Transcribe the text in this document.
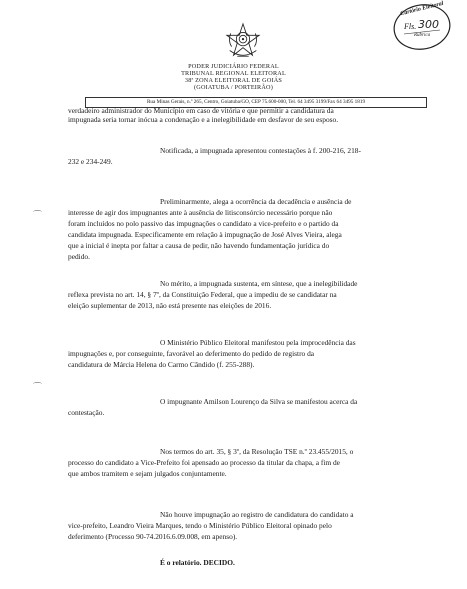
PODER JUDICIÁRIO FEDERAL
TRIBUNAL REGIONAL ELEITORAL
38ª ZONA ELEITORAL DE GOIÁS
(GOIATUBA / PORTEIRÃO)
Cartório Eleitoral
Fls. 300
Rubrica
Rua Minas Gerais, n.º 265, Centro, Goiatuba/GO, CEP 75.600-000, Tel. 64 3495 3199/Fax 64 3495 1819
verdadeiro administrador do Município em caso de vitória e que permitir a candidatura da
impugnada seria tornar inócua a condenação e a inelegibilidade em desfavor de seu esposo.
Notificada, a impugnada apresentou contestações à f. 200-216, 218-
232 e 234-249.
Preliminarmente, alega a ocorrência da decadência e ausência de
interesse de agir dos impugnantes ante à ausência de litisconsórcio necessário porque não
foram incluídos no polo passivo das impugnações o candidato a vice-prefeito e o partido da
candidata impugnada. Especificamente em relação à impugnação de José Alves Vieira, alega
que a inicial é inepta por faltar a causa de pedir, não havendo fundamentação jurídica do
pedido.
No mérito, a impugnada sustenta, em síntese, que a inelegibilidade
reflexa prevista no art. 14, § 7º, da Constituição Federal, que a impediu de se candidatar na
eleição suplementar de 2013, não está presente nas eleições de 2016.
O Ministério Público Eleitoral manifestou pela improcedência das
impugnações e, por conseguinte, favorável ao deferimento do pedido de registro da
candidatura de Márcia Helena do Carmo Cândido (f. 255-288).
O impugnante Amilson Lourenço da Silva se manifestou acerca da
contestação.
Nos termos do art. 35, § 3º, da Resolução TSE n.º 23.455/2015, o
processo do candidato a Vice-Prefeito foi apensado ao processo da titular da chapa, a fim de
que ambos tramitem e sejam julgados conjuntamente.
Não houve impugnação ao registro de candidatura do candidato a
vice-prefeito, Leandro Vieira Marques, tendo o Ministério Público Eleitoral opinado pelo
deferimento (Processo 90-74.2016.6.09.008, em apenso).
É o relatório. DECIDO.
⌒
⌒
